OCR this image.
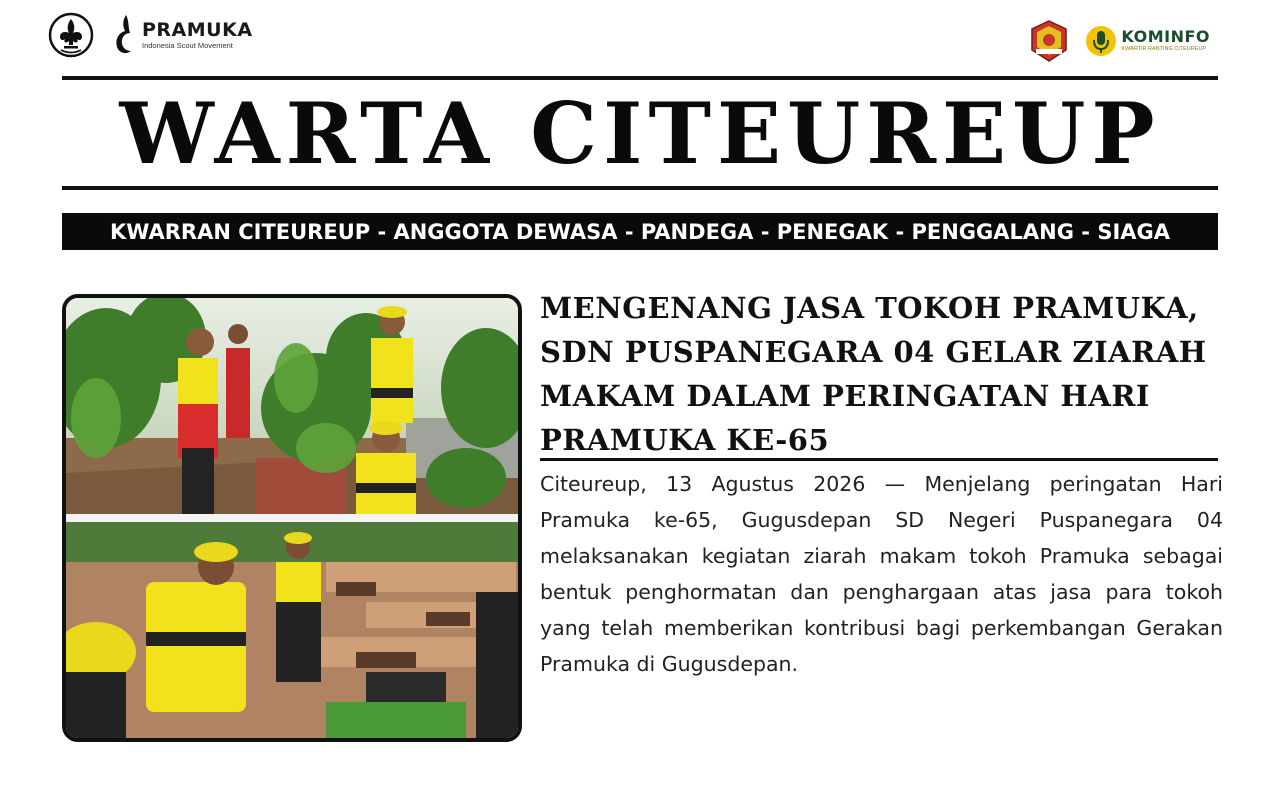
PRAMUKA
Indonesia Scout Movement	KOMINFO
KWARTIR RANTING CITEUREUP
WARTA CITEUREUP
KWARRAN CITEUREUP - ANGGOTA DEWASA - PANDEGA - PENEGAK - PENGGALANG - SIAGA
MENGENANG JASA TOKOH PRAMUKA, SDN PUSPANEGARA 04 GELAR ZIARAH MAKAM DALAM PERINGATAN HARI PRAMUKA KE-65

Citeureup, 13 Agustus 2026 — Menjelang peringatan Hari Pramuka ke-65, Gugusdepan SD Negeri Puspanegara 04 melaksanakan kegiatan ziarah makam tokoh Pramuka sebagai bentuk penghormatan dan penghargaan atas jasa para tokoh yang telah memberikan kontribusi bagi perkembangan Gerakan Pramuka di Gugusdepan.
